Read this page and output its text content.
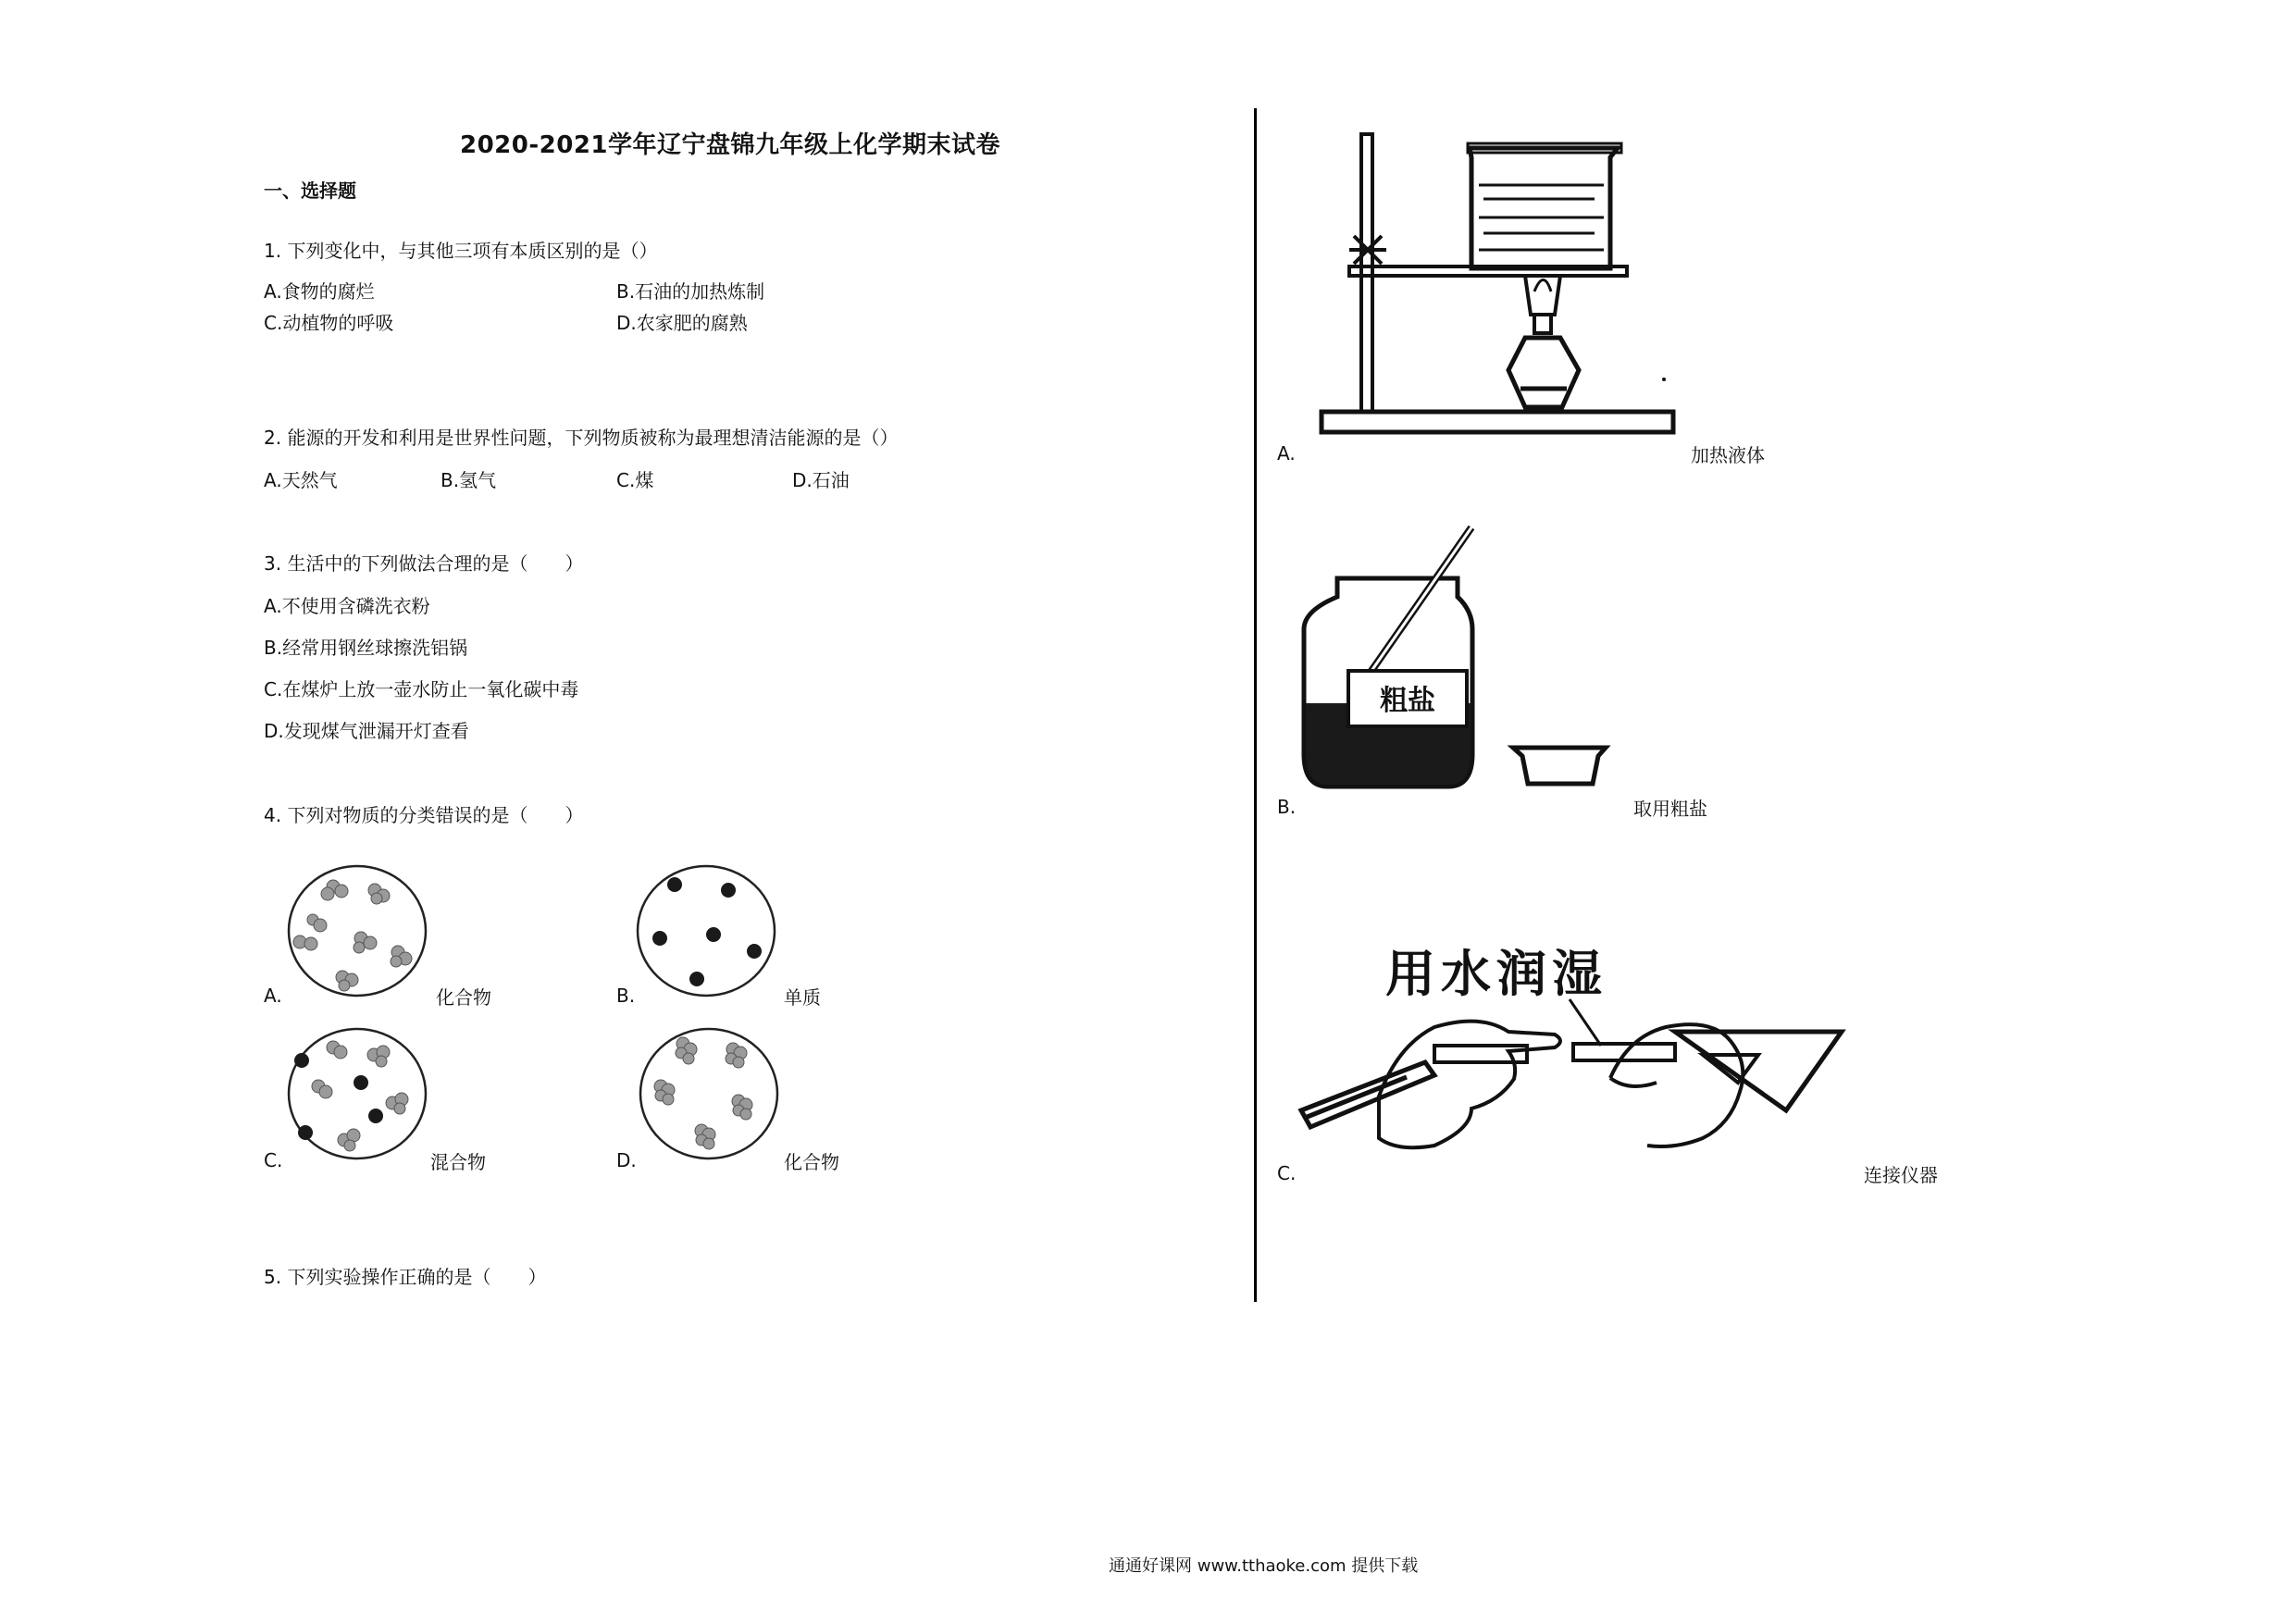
2020-2021学年辽宁盘锦九年级上化学期末试卷
一、选择题
1. 下列变化中，与其他三项有本质区别的是（）
A.食物的腐烂	B.石油的加热炼制
C.动植物的呼吸	D.农家肥的腐熟
2. 能源的开发和利用是世界性问题，下列物质被称为最理想清洁能源的是（）
A.天然气	B.氢气	C.煤	D.石油
3. 生活中的下列做法合理的是（　　）
A.不使用含磷洗衣粉
B.经常用钢丝球擦洗铝锅
C.在煤炉上放一壶水防止一氧化碳中毒
D.发现煤气泄漏开灯查看
4. 下列对物质的分类错误的是（　　）
A.	化合物	B.	单质
C.	混合物	D.	化合物
5. 下列实验操作正确的是（　　）
A.	加热液体
粗盐
B.	取用粗盐
用水润湿
C.	连接仪器
通通好课网 www.tthaoke.com 提供下载
